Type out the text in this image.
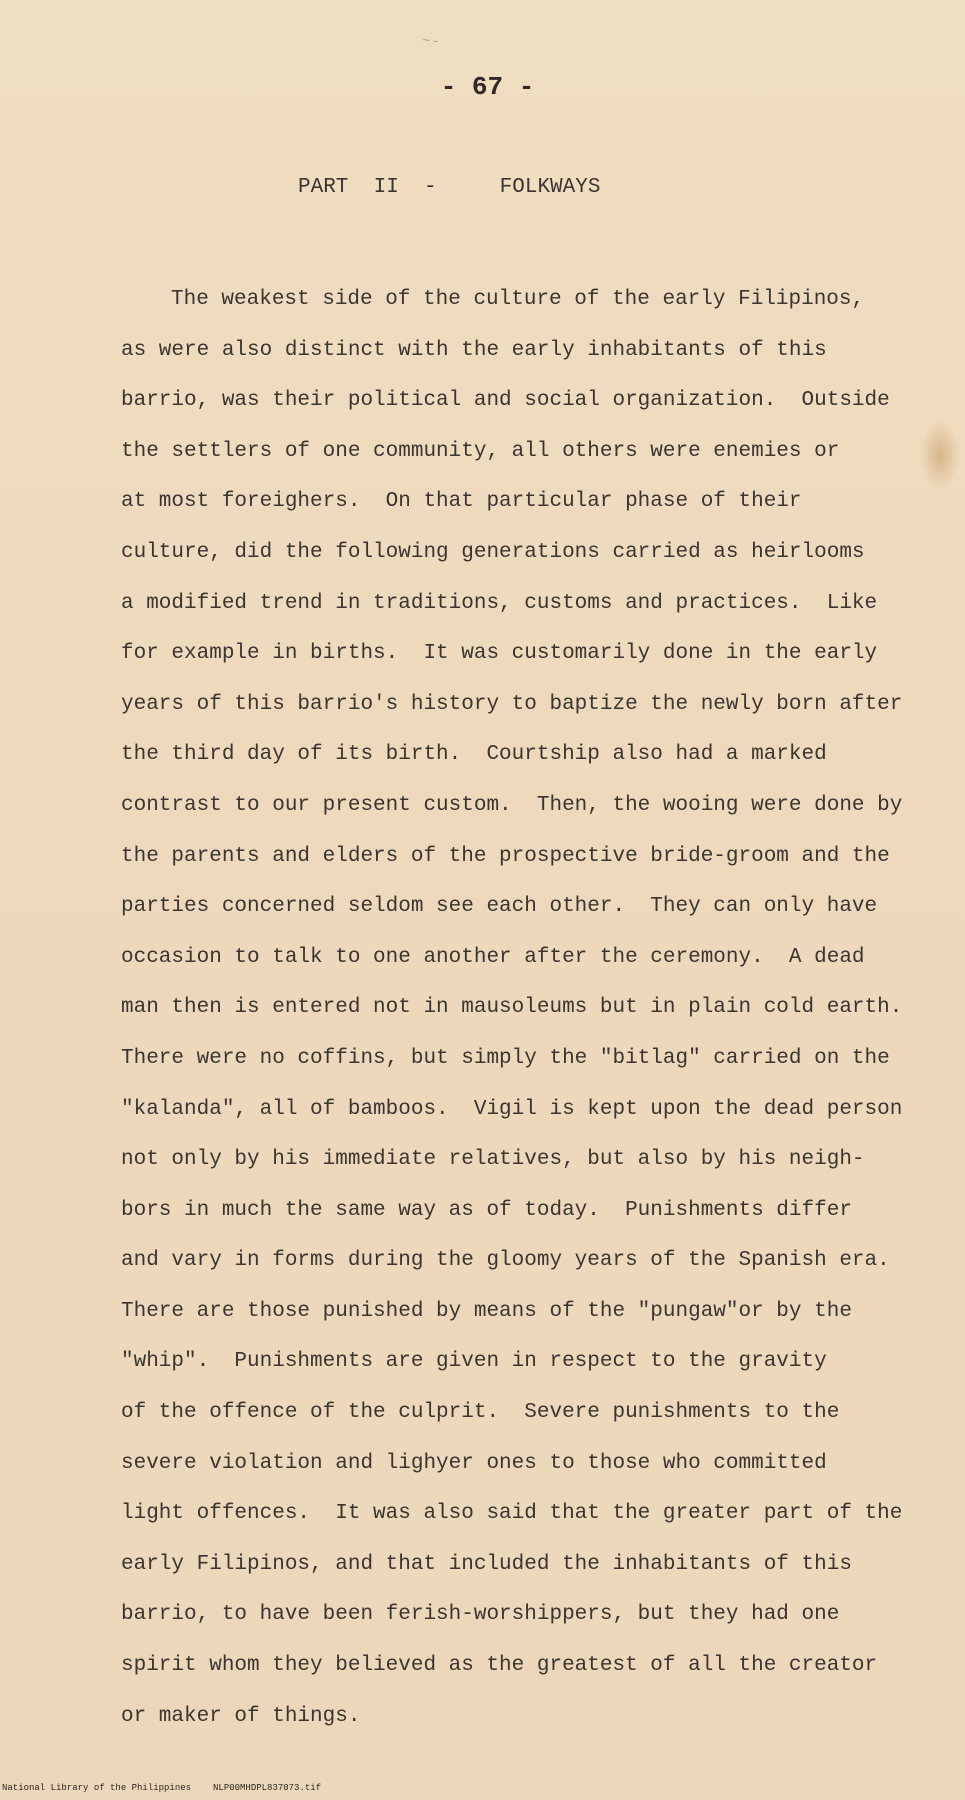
~-
- 67 -
PART  II  -     FOLKWAYS
The weakest side of the culture of the early Filipinos,
as were also distinct with the early inhabitants of this
barrio, was their political and social organization.  Outside
the settlers of one community, all others were enemies or
at most foreighers.  On that particular phase of their
culture, did the following generations carried as heirlooms
a modified trend in traditions, customs and practices.  Like
for example in births.  It was customarily done in the early
years of this barrio's history to baptize the newly born after
the third day of its birth.  Courtship also had a marked
contrast to our present custom.  Then, the wooing were done by
the parents and elders of the prospective bride-groom and the
parties concerned seldom see each other.  They can only have
occasion to talk to one another after the ceremony.  A dead
man then is entered not in mausoleums but in plain cold earth.
There were no coffins, but simply the "bitlag" carried on the
"kalanda", all of bamboos.  Vigil is kept upon the dead person
not only by his immediate relatives, but also by his neigh-
bors in much the same way as of today.  Punishments differ
and vary in forms during the gloomy years of the Spanish era.
There are those punished by means of the "pungaw"or by the
"whip".  Punishments are given in respect to the gravity
of the offence of the culprit.  Severe punishments to the
severe violation and lighyer ones to those who committed
light offences.  It was also said that the greater part of the
early Filipinos, and that included the inhabitants of this
barrio, to have been ferish-worshippers, but they had one
spirit whom they believed as the greatest of all the creator
or maker of things.
National Library of the Philippines NLP00MHDPL837073.tif
